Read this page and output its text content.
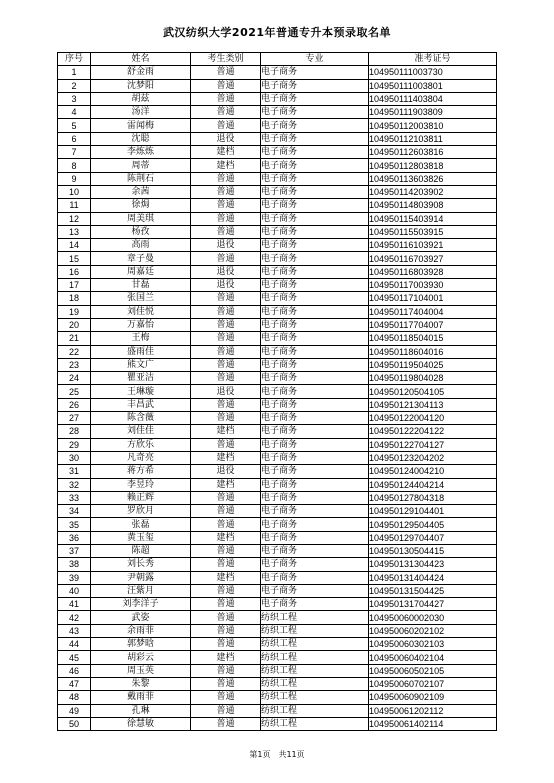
武汉纺织大学2021年普通专升本预录取名单
序号	姓名	考生类别	专业	准考证号
1	舒金雨	普通	电子商务	104950111003730
2	沈梦阳	普通	电子商务	104950111003801
3	胡兹	普通	电子商务	104950111403804
4	汤洋	普通	电子商务	104950111903809
5	雷闻梅	普通	电子商务	104950112003810
6	沈聪	退役	电子商务	104950112103811
7	李炼炼	建档	电子商务	104950112603816
8	周蒂	建档	电子商务	104950112803818
9	陈荆石	普通	电子商务	104950113603826
10	余茜	普通	电子商务	104950114203902
11	徐焗	普通	电子商务	104950114803908
12	周美琪	普通	电子商务	104950115403914
13	杨孜	普通	电子商务	104950115503915
14	高雨	退役	电子商务	104950116103921
15	章子曼	普通	电子商务	104950116703927
16	周嘉廷	退役	电子商务	104950116803928
17	甘磊	退役	电子商务	104950117003930
18	张国兰	普通	电子商务	104950117104001
19	刘佳悦	普通	电子商务	104950117404004
20	万嘉怡	普通	电子商务	104950117704007
21	王梅	普通	电子商务	104950118504015
22	盛雨佳	普通	电子商务	104950118604016
23	熊文广	普通	电子商务	104950119504025
24	瞿亚洁	普通	电子商务	104950119804028
25	王琳璇	退役	电子商务	104950120504105
26	丰昌武	普通	电子商务	104950121304113
27	陈含薇	普通	电子商务	104950122004120
28	刘佳佳	建档	电子商务	104950122204122
29	方欣乐	普通	电子商务	104950122704127
30	凡奇亮	建档	电子商务	104950123204202
31	蒋方希	退役	电子商务	104950124004210
32	李昱玲	建档	电子商务	104950124404214
33	赖正辉	普通	电子商务	104950127804318
34	罗欣月	普通	电子商务	104950129104401
35	张磊	普通	电子商务	104950129504405
36	黄玉玺	建档	电子商务	104950129704407
37	陈超	普通	电子商务	104950130504415
38	刘长秀	普通	电子商务	104950131304423
39	尹朝露	建档	电子商务	104950131404424
40	汪紫月	普通	电子商务	104950131504425
41	刘李洋子	普通	电子商务	104950131704427
42	武姿	普通	纺织工程	104950060002030
43	余雨菲	普通	纺织工程	104950060202102
44	郭梦晗	普通	纺织工程	104950060302103
45	胡彩云	建档	纺织工程	104950060402104
46	周玉英	普通	纺织工程	104950060502105
47	朱黎	普通	纺织工程	104950060702107
48	戴雨菲	普通	纺织工程	104950060902109
49	孔琳	普通	纺织工程	104950061202112
50	徐慧敏	普通	纺织工程	104950061402114
第1页　共11页
